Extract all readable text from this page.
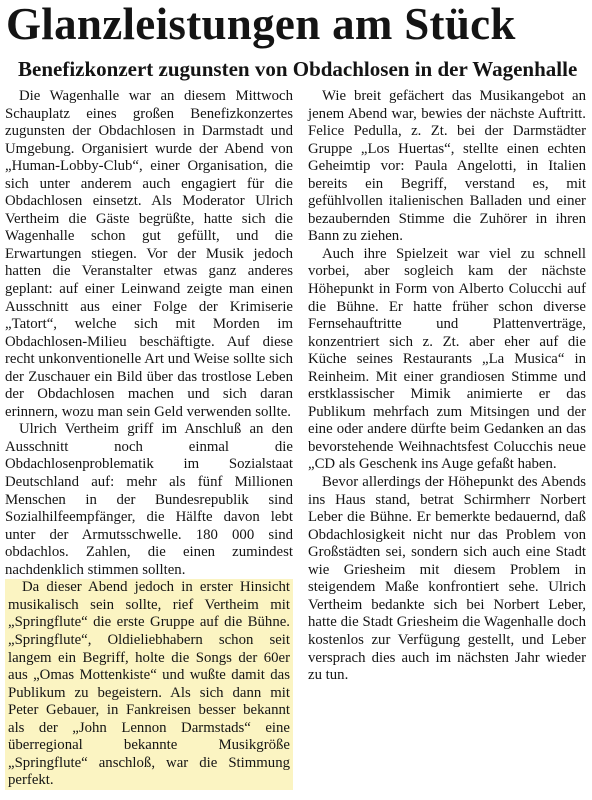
Glanzleistungen am Stück
Benefizkonzert zugunsten von Obdachlosen in der Wagenhalle

Die Wagenhalle war an diesem Mittwoch Schauplatz eines großen Benefizkonzertes zugunsten der Obdachlosen in Darmstadt und Umgebung. Organisiert wurde der Abend von „Human-Lobby-Club“, einer Organisation, die sich unter anderem auch engagiert für die Obdachlosen einsetzt. Als Moderator Ulrich Vertheim die Gäste begrüßte, hatte sich die Wagenhalle schon gut gefüllt, und die Erwartungen stiegen. Vor der Musik jedoch hatten die Veranstalter etwas ganz anderes geplant: auf einer Leinwand zeigte man einen Ausschnitt aus einer Folge der Krimiserie „Tatort“, welche sich mit Morden im Obdachlosen-Milieu beschäftigte. Auf diese recht unkonventionelle Art und Weise sollte sich der Zuschauer ein Bild über das trostlose Leben der Obdachlosen machen und sich daran erinnern, wozu man sein Geld verwenden sollte.

Ulrich Vertheim griff im Anschluß an den Ausschnitt noch einmal die Obdachlosenproblematik im Sozialstaat Deutschland auf: mehr als fünf Millionen Menschen in der Bundesrepublik sind Sozialhilfeempfänger, die Hälfte davon lebt unter der Armutsschwelle. 180 000 sind obdachlos. Zahlen, die einen zumindest nachdenklich stimmen sollten.

Da dieser Abend jedoch in erster Hinsicht musikalisch sein sollte, rief Vertheim mit „Springflute“ die erste Gruppe auf die Bühne. „Springflute“, Oldieliebhabern schon seit langem ein Begriff, holte die Songs der 60er aus „Omas Mottenkiste“ und wußte damit das Publikum zu begeistern. Als sich dann mit Peter Gebauer, in Fankreisen besser bekannt als der „John Lennon Darmstads“ eine überregional bekannte Musikgröße „Springflute“ anschloß, war die Stimmung perfekt.

Wie breit gefächert das Musikangebot an jenem Abend war, bewies der nächste Auftritt. Felice Pedulla, z. Zt. bei der Darmstädter Gruppe „Los Huertas“, stellte einen echten Geheimtip vor: Paula Angelotti, in Italien bereits ein Begriff, verstand es, mit gefühlvollen italienischen Balladen und einer bezaubernden Stimme die Zuhörer in ihren Bann zu ziehen.

Auch ihre Spielzeit war viel zu schnell vorbei, aber sogleich kam der nächste Höhepunkt in Form von Alberto Colucchi auf die Bühne. Er hatte früher schon diverse Fernsehauftritte und Plattenverträge, konzentriert sich z. Zt. aber eher auf die Küche seines Restaurants „La Musica“ in Reinheim. Mit einer grandiosen Stimme und erstklassischer Mimik animierte er das Publikum mehrfach zum Mitsingen und der eine oder andere dürfte beim Gedanken an das bevorstehende Weihnachtsfest Colucchis neue „CD als Geschenk ins Auge gefaßt haben.

Bevor allerdings der Höhepunkt des Abends ins Haus stand, betrat Schirmherr Norbert Leber die Bühne. Er bemerkte bedauernd, daß Obdachlosigkeit nicht nur das Problem von Großstädten sei, sondern sich auch eine Stadt wie Griesheim mit diesem Problem in steigendem Maße konfrontiert sehe. Ulrich Vertheim bedankte sich bei Norbert Leber, hatte die Stadt Griesheim die Wagenhalle doch kostenlos zur Verfügung gestellt, und Leber versprach dies auch im nächsten Jahr wieder zu tun.
